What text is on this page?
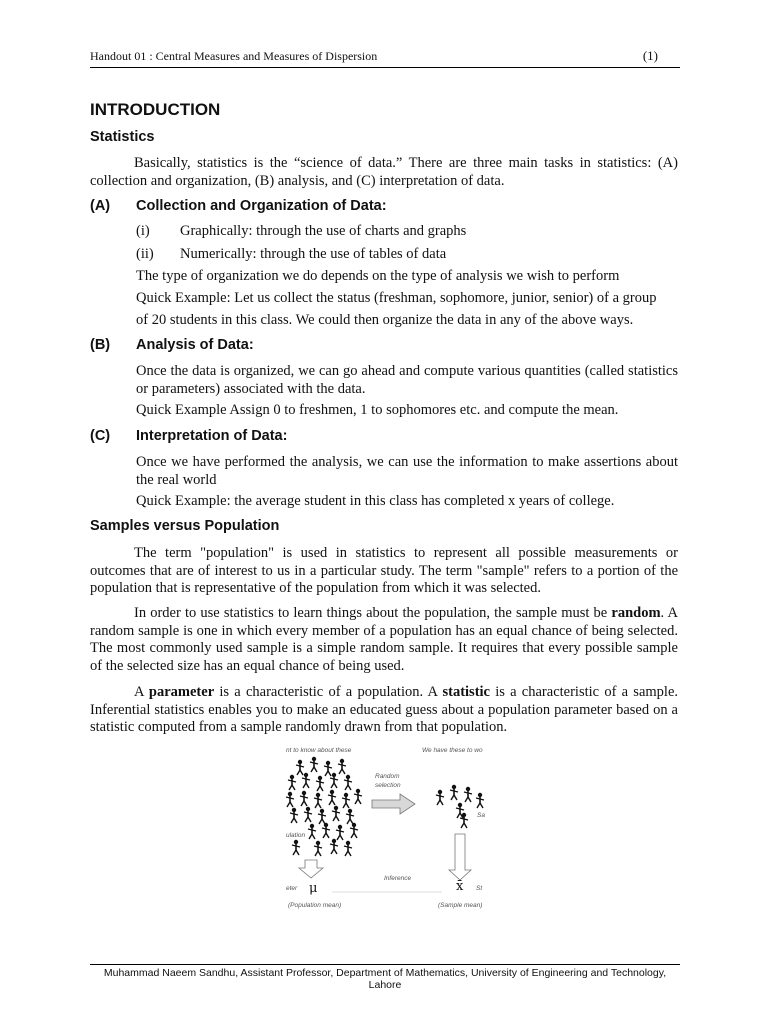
Handout 01 : Central Measures and Measures of Dispersion	(1)
INTRODUCTION
Statistics

Basically, statistics is the “science of data.” There are three main tasks in statistics: (A) collection and organization, (B) analysis, and (C) interpretation of data.

(A) Collection and Organization of Data:
(i) Graphically: through the use of charts and graphs
(ii) Numerically: through the use of tables of data
The type of organization we do depends on the type of analysis we wish to perform
Quick Example: Let us collect the status (freshman, sophomore, junior, senior) of a group
of 20 students in this class. We could then organize the data in any of the above ways.
(B) Analysis of Data:

Once the data is organized, we can go ahead and compute various quantities (called statistics or parameters) associated with the data.

Quick Example Assign 0 to freshmen, 1 to sophomores etc. and compute the mean.
(C) Interpretation of Data:

Once we have performed the analysis, we can use the information to make assertions about the real world

Quick Example: the average student in this class has completed x years of college.
Samples versus Population

The term "population" is used in statistics to represent all possible measurements or outcomes that are of interest to us in a particular study. The term "sample" refers to a portion of the population that is representative of the population from which it was selected.

In order to use statistics to learn things about the population, the sample must be random. A random sample is one in which every member of a population has an equal chance of being selected. The most commonly used sample is a simple random sample. It requires that every possible sample of the selected size has an equal chance of being used.

A parameter is a characteristic of a population. A statistic is a characteristic of a sample. Inferential statistics enables you to make an educated guess about a population parameter based on a statistic computed from a sample randomly drawn from that population.

nt to know about these	We have these to wo
Random
selection
ulation
Sa
Inference
eter μ	x̄ St
(Population mean)	(Sample mean)
Muhammad Naeem Sandhu, Assistant Professor, Department of Mathematics, University of Engineering and Technology, Lahore
